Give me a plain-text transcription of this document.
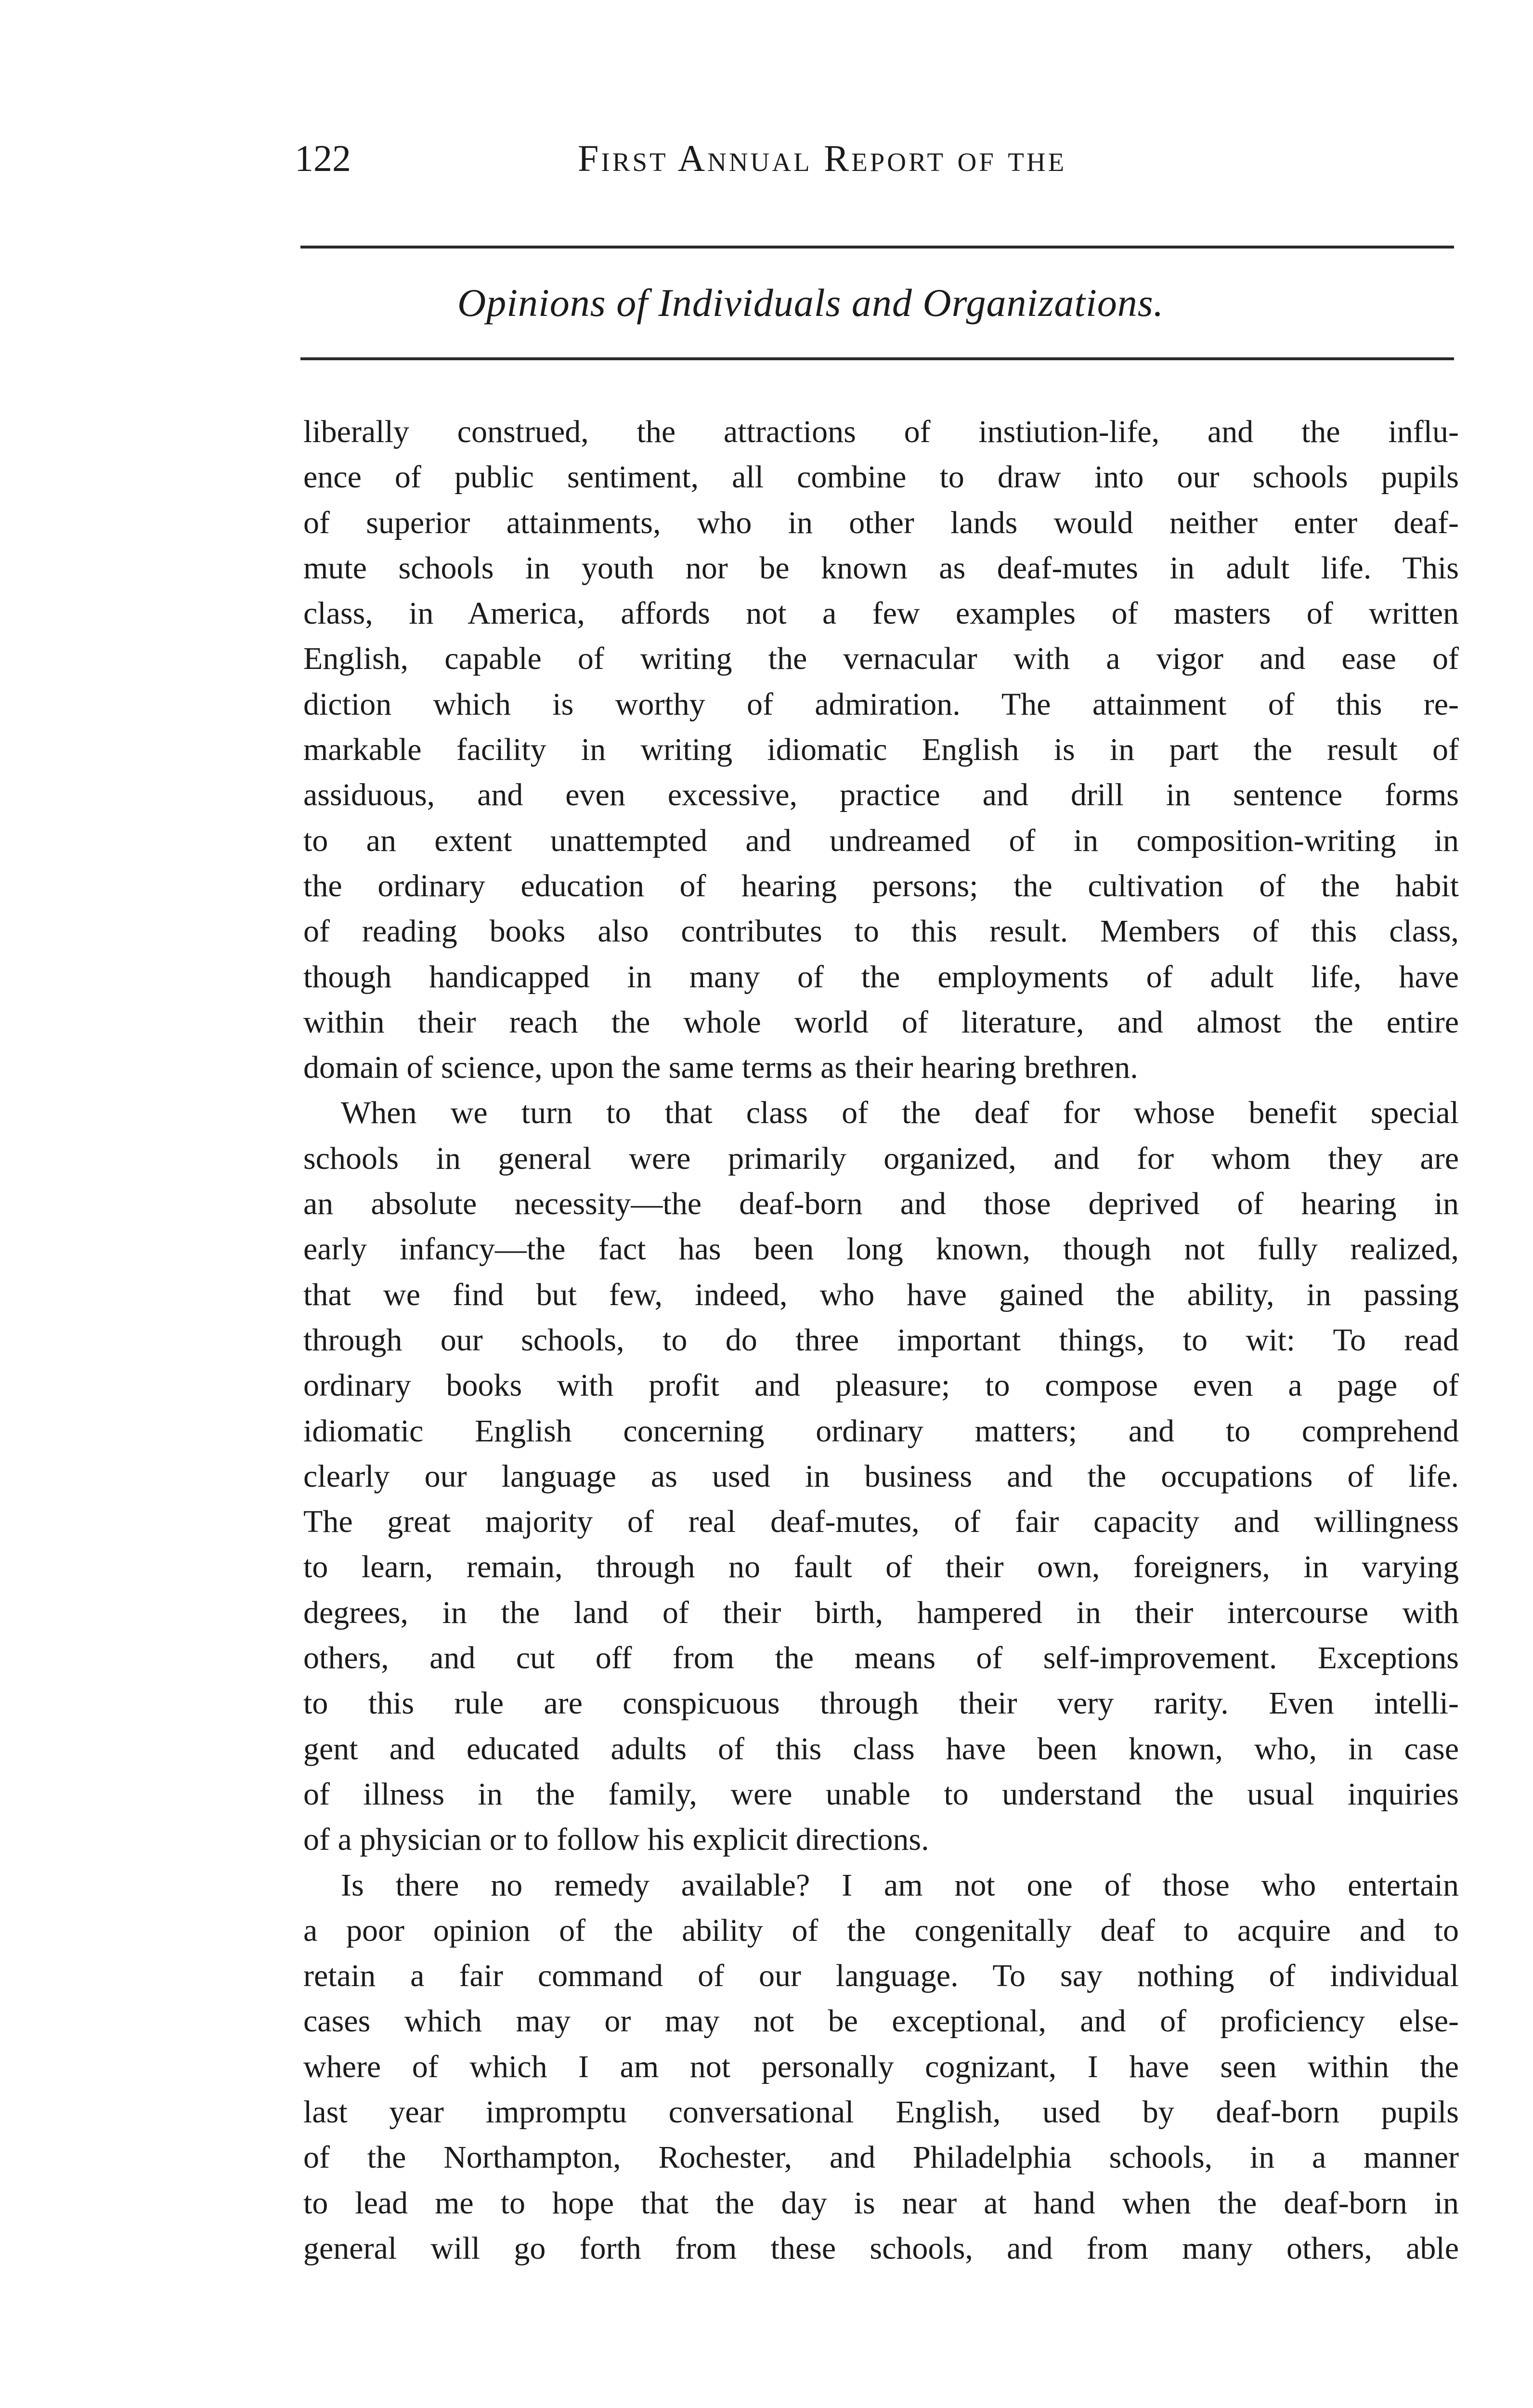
122	First Annual Report of the
Opinions of Individuals and Organizations.
liberally construed, the attractions of instiution-life, and the influ-
ence of public sentiment, all combine to draw into our schools pupils
of superior attainments, who in other lands would neither enter deaf-
mute schools in youth nor be known as deaf-mutes in adult life. This
class, in America, affords not a few examples of masters of written
English, capable of writing the vernacular with a vigor and ease of
diction which is worthy of admiration. The attainment of this re-
markable facility in writing idiomatic English is in part the result of
assiduous, and even excessive, practice and drill in sentence forms
to an extent unattempted and undreamed of in composition-writing in
the ordinary education of hearing persons; the cultivation of the habit
of reading books also contributes to this result. Members of this class,
though handicapped in many of the employments of adult life, have
within their reach the whole world of literature, and almost the entire
domain of science, upon the same terms as their hearing brethren.
When we turn to that class of the deaf for whose benefit special
schools in general were primarily organized, and for whom they are
an absolute necessity—the deaf-born and those deprived of hearing in
early infancy—the fact has been long known, though not fully realized,
that we find but few, indeed, who have gained the ability, in passing
through our schools, to do three important things, to wit: To read
ordinary books with profit and pleasure; to compose even a page of
idiomatic English concerning ordinary matters; and to comprehend
clearly our language as used in business and the occupations of life.
The great majority of real deaf-mutes, of fair capacity and willingness
to learn, remain, through no fault of their own, foreigners, in varying
degrees, in the land of their birth, hampered in their intercourse with
others, and cut off from the means of self-improvement. Exceptions
to this rule are conspicuous through their very rarity. Even intelli-
gent and educated adults of this class have been known, who, in case
of illness in the family, were unable to understand the usual inquiries
of a physician or to follow his explicit directions.
Is there no remedy available? I am not one of those who entertain
a poor opinion of the ability of the congenitally deaf to acquire and to
retain a fair command of our language. To say nothing of individual
cases which may or may not be exceptional, and of proficiency else-
where of which I am not personally cognizant, I have seen within the
last year impromptu conversational English, used by deaf-born pupils
of the Northampton, Rochester, and Philadelphia schools, in a manner
to lead me to hope that the day is near at hand when the deaf-born in
general will go forth from these schools, and from many others, able
